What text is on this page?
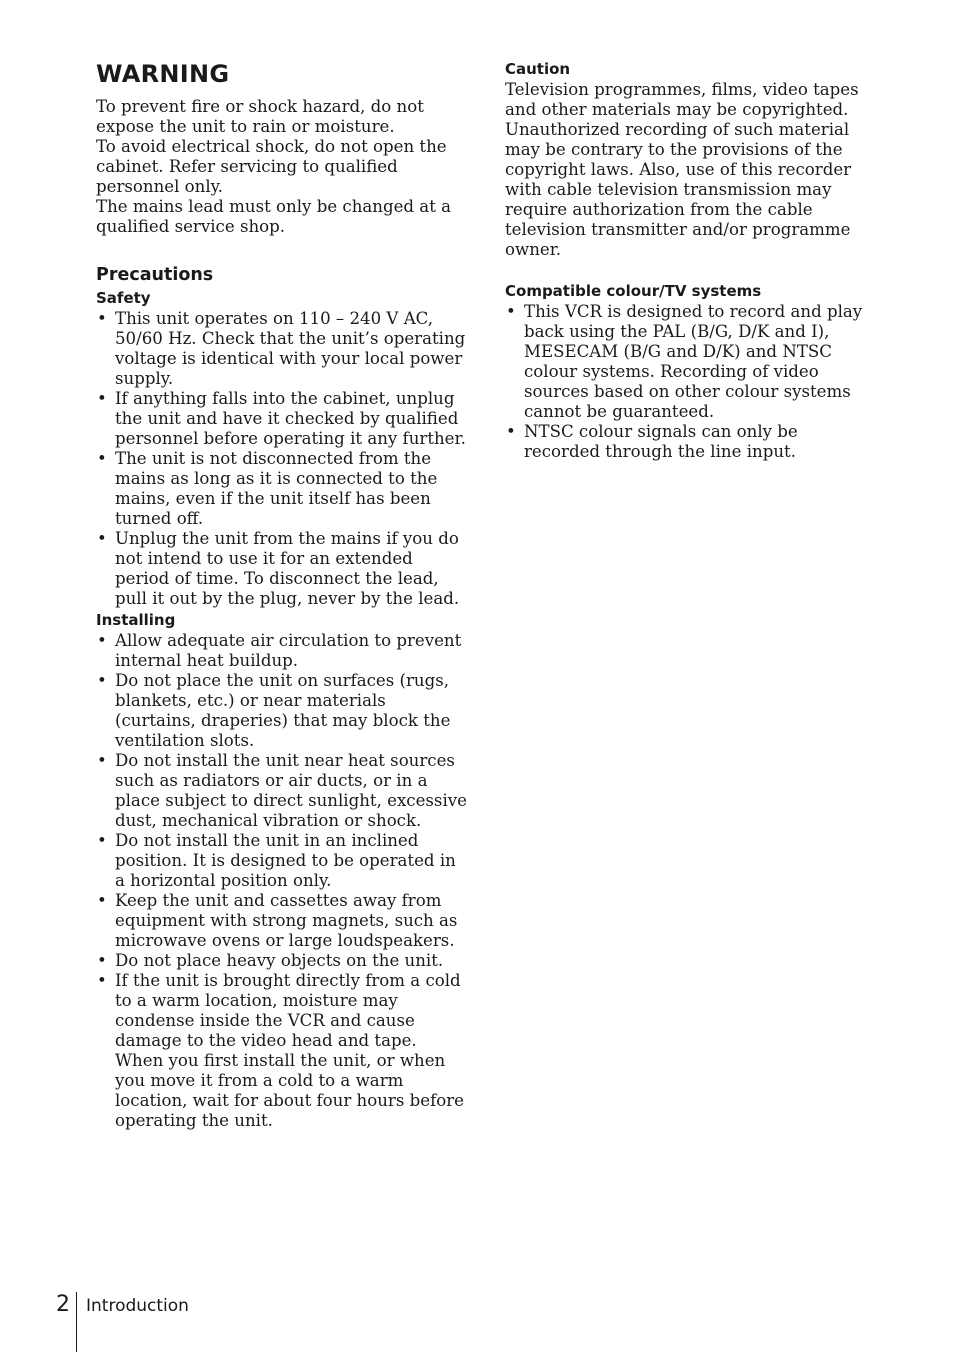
WARNING

To prevent fire or shock hazard, do not expose the unit to rain or moisture.

To avoid electrical shock, do not open the cabinet. Refer servicing to qualified personnel only.

The mains lead must only be changed at a qualified service shop.

Precautions
Safety
• This unit operates on 110 – 240 V AC, 50/60 Hz. Check that the unit’s operating voltage is identical with your local power supply.
• If anything falls into the cabinet, unplug the unit and have it checked by qualified personnel before operating it any further.
• The unit is not disconnected from the mains as long as it is connected to the mains, even if the unit itself has been turned off.
• Unplug the unit from the mains if you do not intend to use it for an extended period of time. To disconnect the lead, pull it out by the plug, never by the lead.
Installing
• Allow adequate air circulation to prevent internal heat buildup.
• Do not place the unit on surfaces (rugs, blankets, etc.) or near materials (curtains, draperies) that may block the ventilation slots.
• Do not install the unit near heat sources such as radiators or air ducts, or in a place subject to direct sunlight, excessive dust, mechanical vibration or shock.
• Do not install the unit in an inclined position. It is designed to be operated in a horizontal position only.
• Keep the unit and cassettes away from equipment with strong magnets, such as microwave ovens or large loudspeakers.
• Do not place heavy objects on the unit.
• If the unit is brought directly from a cold to a warm location, moisture may condense inside the VCR and cause damage to the video head and tape. When you first install the unit, or when you move it from a cold to a warm location, wait for about four hours before operating the unit.
Caution

Television programmes, films, video tapes and other materials may be copyrighted. Unauthorized recording of such material may be contrary to the provisions of the copyright laws. Also, use of this recorder with cable television transmission may require authorization from the cable television transmitter and/or programme owner.

Compatible colour/TV systems
• This VCR is designed to record and play back using the PAL (B/G, D/K and I), MESECAM (B/G and D/K) and NTSC colour systems. Recording of video sources based on other colour systems cannot be guaranteed.
• NTSC colour signals can only be recorded through the line input.
2 Introduction
